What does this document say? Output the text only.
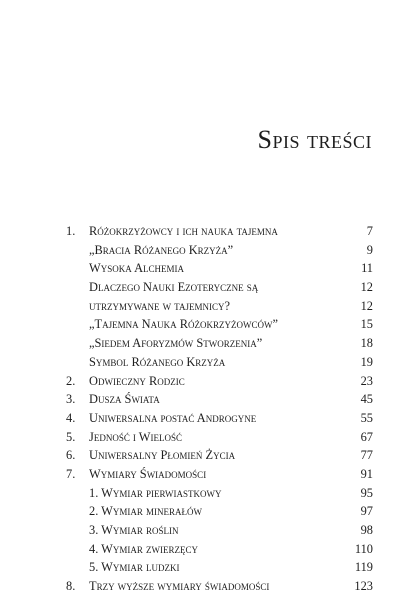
Spis treści
1. Różokrzyżowcy i ich nauka tajemna	7
„Bracia Różanego Krzyża”	9
Wysoka Alchemia	11
Dlaczego Nauki Ezoteryczne są	12
utrzymywane w tajemnicy?	12
„Tajemna Nauka Różokrzyżowców”	15
„Siedem Aforyzmów Stworzenia”	18
Symbol Różanego Krzyża	19
2. Odwieczny Rodzic	23
3. Dusza Świata	45
4. Uniwersalna postać Androgyne	55
5. Jedność i Wielość	67
6. Uniwersalny Płomień Życia	77
7. Wymiary Świadomości	91
1. Wymiar pierwiastkowy	95
2. Wymiar minerałów	97
3. Wymiar roślin	98
4. Wymiar zwierzęcy	110
5. Wymiar ludzki	119
8. Trzy wyższe wymiary świadomości	123
